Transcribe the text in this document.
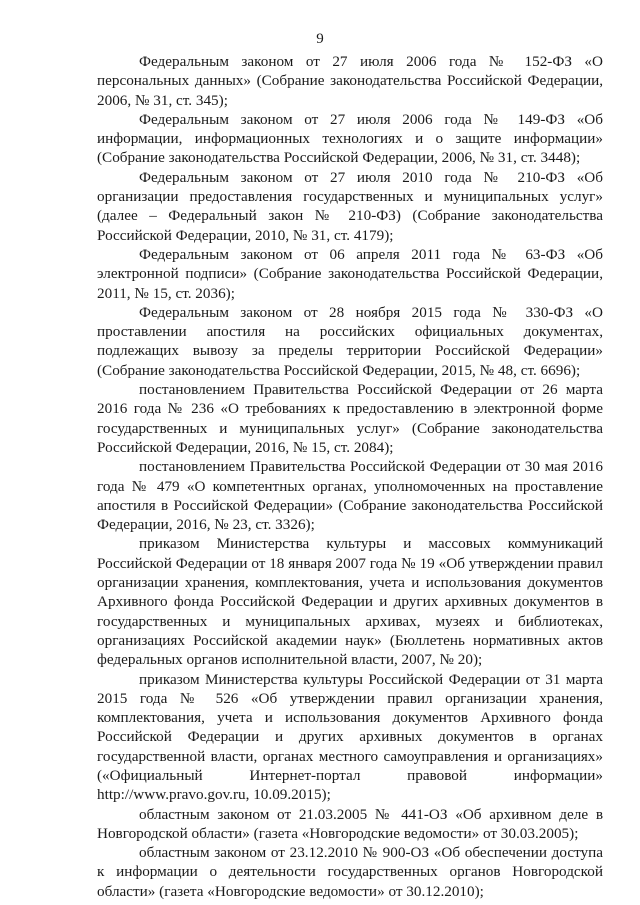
9

Федеральным законом от 27 июля 2006 года № 152-ФЗ «О персональных данных» (Собрание законодательства Российской Федерации, 2006, № 31, ст. 345);

Федеральным законом от 27 июля 2006 года № 149-ФЗ «Об информации, информационных технологиях и о защите информации» (Собрание законодательства Российской Федерации, 2006, № 31, ст. 3448);

Федеральным законом от 27 июля 2010 года № 210-ФЗ «Об организации предоставления государственных и муниципальных услуг» (далее – Федеральный закон № 210-ФЗ) (Собрание законодательства Российской Федерации, 2010, № 31, ст. 4179);

Федеральным законом от 06 апреля 2011 года № 63-ФЗ «Об электронной подписи» (Собрание законодательства Российской Федерации, 2011, № 15, ст. 2036);

Федеральным законом от 28 ноября 2015 года № 330-ФЗ «О проставлении апостиля на российских официальных документах, подлежащих вывозу за пределы территории Российской Федерации» (Собрание законодательства Российской Федерации, 2015, № 48, ст. 6696);

постановлением Правительства Российской Федерации от 26 марта 2016 года № 236 «О требованиях к предоставлению в электронной форме государственных и муниципальных услуг» (Собрание законодательства Российской Федерации, 2016, № 15, ст. 2084);

постановлением Правительства Российской Федерации от 30 мая 2016 года № 479 «О компетентных органах, уполномоченных на проставление апостиля в Российской Федерации» (Собрание законодательства Российской Федерации, 2016, № 23, ст. 3326);

приказом Министерства культуры и массовых коммуникаций Российской Федерации от 18 января 2007 года № 19 «Об утверждении правил организации хранения, комплектования, учета и использования документов Архивного фонда Российской Федерации и других архивных документов в государственных и муниципальных архивах, музеях и библиотеках, организациях Российской академии наук» (Бюллетень нормативных актов федеральных органов исполнительной власти, 2007, № 20);

приказом Министерства культуры Российской Федерации от 31 марта 2015 года № 526 «Об утверждении правил организации хранения, комплектования, учета и использования документов Архивного фонда Российской Федерации и других архивных документов в органах государственной власти, органах местного самоуправления и организациях» («Официальный Интернет-портал правовой информации» http://www.pravo.gov.ru, 10.09.2015);

областным законом от 21.03.2005 № 441-ОЗ «Об архивном деле в Новгородской области» (газета «Новгородские ведомости» от 30.03.2005);

областным законом от 23.12.2010 № 900-ОЗ «Об обеспечении доступа к информации о деятельности государственных органов Новгородской области» (газета «Новгородские ведомости» от 30.12.2010);
